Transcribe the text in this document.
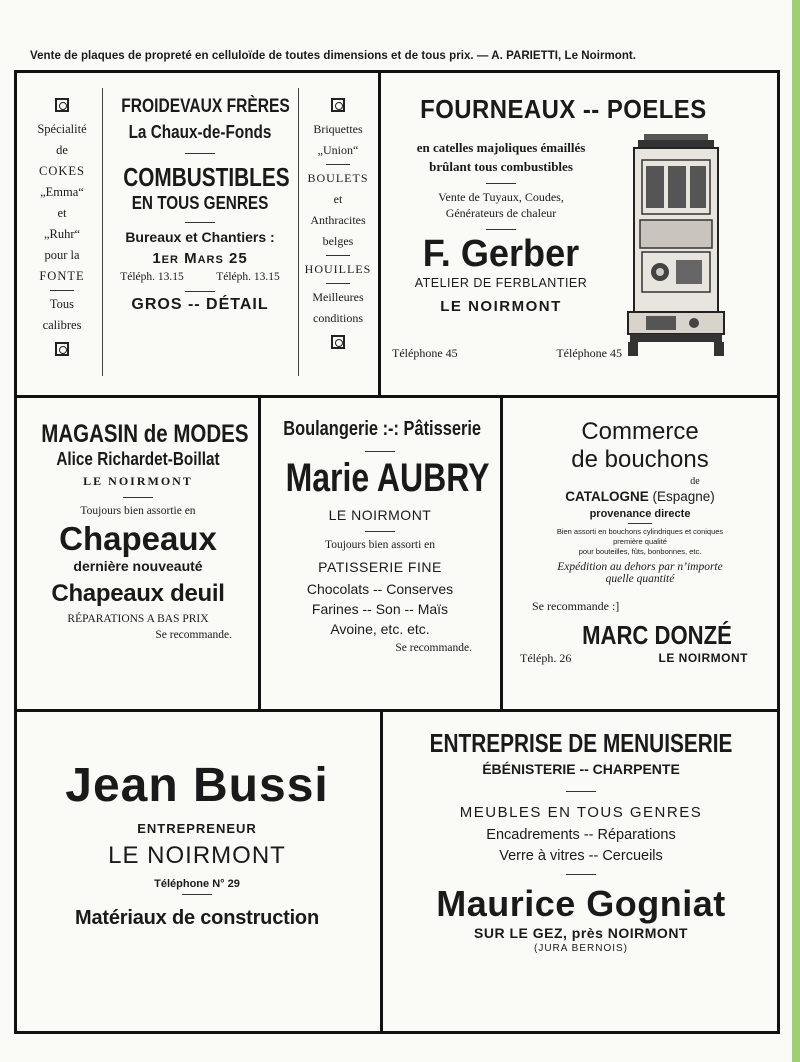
Vente de plaques de propreté en celluloïde de toutes dimensions et de tous prix. — A. PARIETTI, Le Noirmont.
Spécialité
de
COKES
„Emma“
et
„Ruhr“
pour la
FONTE
Tous
calibres
FROIDEVAUX FRÈRES
La Chaux-de-Fonds
COMBUSTIBLES
EN TOUS GENRES
Bureaux et Chantiers :
1er Mars 25
Téléph. 13.15	Téléph. 13.15
GROS -- DÉTAIL
Briquettes
„Union“
BOULETS
et
Anthracites
belges
HOUILLES
Meilleures
conditions
FOURNEAUX -- POELES
en catelles majoliques émaillés
brûlant tous combustibles
Vente de Tuyaux, Coudes,
Générateurs de chaleur
F. Gerber
ATELIER DE FERBLANTIER
LE NOIRMONT
Téléphone 45	Téléphone 45
MAGASIN de MODES
Alice Richardet-Boillat
LE NOIRMONT
Toujours bien assortie en
Chapeaux
dernière nouveauté
Chapeaux deuil
RÉPARATIONS A BAS PRIX
Se recommande.
Boulangerie :-: Pâtisserie
Marie AUBRY
LE NOIRMONT
Toujours bien assorti en
PATISSERIE FINE
Chocolats -- Conserves
Farines -- Son -- Maïs
Avoine, etc. etc.
Se recommande.
Commerce
de bouchons
de
CATALOGNE (Espagne)
provenance directe
Bien assorti en bouchons cylindriques et coniques
première qualité
pour bouteilles, fûts, bonbonnes, etc.
Expédition au dehors par n’importe
quelle quantité
Se recommande :]
MARC DONZÉ
Téléph. 26	LE NOIRMONT
Jean Bussi
ENTREPRENEUR
LE NOIRMONT
Téléphone N° 29
Matériaux de construction
ENTREPRISE DE MENUISERIE
ÉBÉNISTERIE -- CHARPENTE
MEUBLES EN TOUS GENRES
Encadrements -- Réparations
Verre à vitres -- Cercueils
Maurice Gogniat
SUR LE GEZ, près NOIRMONT
(JURA BERNOIS)
